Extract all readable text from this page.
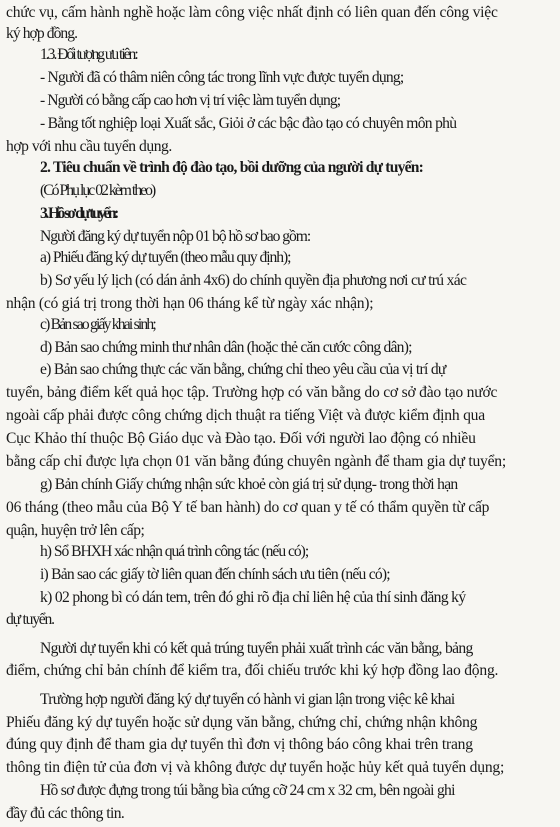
chức vụ, cấm hành nghề hoặc làm công việc nhất định có liên quan đến công việc
ký hợp đồng.
1.3. Đối tượng ưu tiên:
- Người đã có thâm niên công tác trong lĩnh vực được tuyển dụng;
- Người có bằng cấp cao hơn vị trí việc làm tuyển dụng;
- Bằng tốt nghiệp loại Xuất sắc, Giỏi ở các bậc đào tạo có chuyên môn phù
hợp với nhu cầu tuyển dụng.
2. Tiêu chuẩn về trình độ đào tạo, bồi dưỡng của người dự tuyển:
(Có Phụ lục 02 kèm theo)
3. Hồ sơ dự tuyển:
Người đăng ký dự tuyển nộp 01 bộ hồ sơ bao gồm:
a) Phiếu đăng ký dự tuyển (theo mẫu quy định);
b) Sơ yếu lý lịch (có dán ảnh 4x6) do chính quyền địa phương nơi cư trú xác
nhận (có giá trị trong thời hạn 06 tháng kể từ ngày xác nhận);
c) Bản sao giấy khai sinh;
d) Bản sao chứng minh thư nhân dân (hoặc thẻ căn cước công dân);
e) Bản sao chứng thực các văn bằng, chứng chỉ theo yêu cầu của vị trí dự
tuyển, bảng điểm kết quả học tập. Trường hợp có văn bằng do cơ sở đào tạo nước
ngoài cấp phải được công chứng dịch thuật ra tiếng Việt và được kiểm định qua
Cục Khảo thí thuộc Bộ Giáo dục và Đào tạo. Đối với người lao động có nhiều
bằng cấp chỉ được lựa chọn 01 văn bằng đúng chuyên ngành để tham gia dự tuyển;
g) Bản chính Giấy chứng nhận sức khoẻ còn giá trị sử dụng- trong thời hạn
06 tháng (theo mẫu của Bộ Y tế ban hành) do cơ quan y tế có thẩm quyền từ cấp
quận, huyện trở lên cấp;
h) Sổ BHXH xác nhận quá trình công tác (nếu có);
i) Bản sao các giấy tờ liên quan đến chính sách ưu tiên (nếu có);
k) 02 phong bì có dán tem, trên đó ghi rõ địa chỉ liên hệ của thí sinh đăng ký
dự tuyển.
Người dự tuyển khi có kết quả trúng tuyển phải xuất trình các văn bằng, bảng
điểm, chứng chỉ bản chính để kiểm tra, đối chiếu trước khi ký hợp đồng lao động.
Trường hợp người đăng ký dự tuyển có hành vi gian lận trong việc kê khai
Phiếu đăng ký dự tuyển hoặc sử dụng văn bằng, chứng chỉ, chứng nhận không
đúng quy định để tham gia dự tuyển thì đơn vị thông báo công khai trên trang
thông tin điện tử của đơn vị và không được dự tuyển hoặc hủy kết quả tuyển dụng;
Hồ sơ được đựng trong túi bằng bìa cứng cỡ 24 cm x 32 cm, bên ngoài ghi
đầy đủ các thông tin.
